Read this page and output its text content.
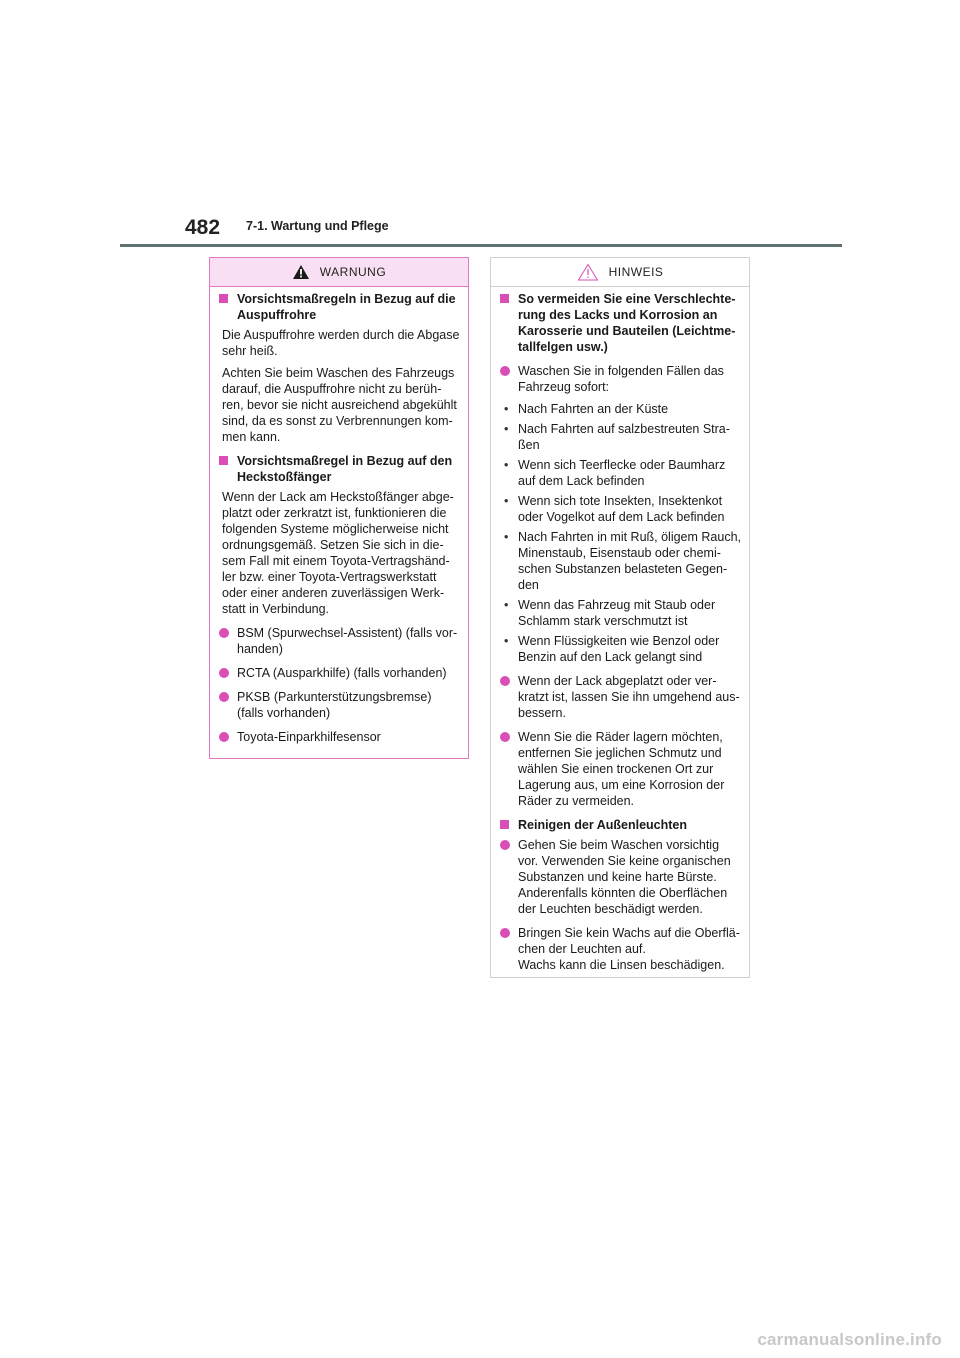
482 7-1. Wartung und Pflege
WARNUNG
Vorsichtsmaßregeln in Bezug auf die Auspuffrohre
Die Auspuffrohre werden durch die Abgase sehr heiß.
Achten Sie beim Waschen des Fahrzeugs
darauf, die Auspuffrohre nicht zu berüh-
ren, bevor sie nicht ausreichend abgekühlt
sind, da es sonst zu Verbrennungen kom-
men kann.
Vorsichtsmaßregel in Bezug auf den Heckstoßfänger
Wenn der Lack am Heckstoßfänger abge-
platzt oder zerkratzt ist, funktionieren die
folgenden Systeme möglicherweise nicht
ordnungsgemäß. Setzen Sie sich in die-
sem Fall mit einem Toyota-Vertragshänd-
ler bzw. einer Toyota-Vertragswerkstatt
oder einer anderen zuverlässigen Werk-
statt in Verbindung.
BSM (Spurwechsel-Assistent) (falls vor-
handen)
RCTA (Ausparkhilfe) (falls vorhanden)
PKSB (Parkunterstützungsbremse)
(falls vorhanden)
Toyota-Einparkhilfesensor
HINWEIS
So vermeiden Sie eine Verschlechte-
rung des Lacks und Korrosion an
Karosserie und Bauteilen (Leichtme-
tallfelgen usw.)
Waschen Sie in folgenden Fällen das
Fahrzeug sofort:
• Nach Fahrten an der Küste
• Nach Fahrten auf salzbestreuten Stra-
ßen
• Wenn sich Teerflecke oder Baumharz
auf dem Lack befinden
• Wenn sich tote Insekten, Insektenkot
oder Vogelkot auf dem Lack befinden
• Nach Fahrten in mit Ruß, öligem Rauch,
Minenstaub, Eisenstaub oder chemi-
schen Substanzen belasteten Gegen-
den
• Wenn das Fahrzeug mit Staub oder
Schlamm stark verschmutzt ist
• Wenn Flüssigkeiten wie Benzol oder
Benzin auf den Lack gelangt sind
Wenn der Lack abgeplatzt oder ver-
kratzt ist, lassen Sie ihn umgehend aus-
bessern.
Wenn Sie die Räder lagern möchten,
entfernen Sie jeglichen Schmutz und
wählen Sie einen trockenen Ort zur
Lagerung aus, um eine Korrosion der
Räder zu vermeiden.
Reinigen der Außenleuchten
Gehen Sie beim Waschen vorsichtig
vor. Verwenden Sie keine organischen
Substanzen und keine harte Bürste.
Anderenfalls könnten die Oberflächen
der Leuchten beschädigt werden.
Bringen Sie kein Wachs auf die Oberflä-
chen der Leuchten auf.
Wachs kann die Linsen beschädigen.
carmanualsonline.info
